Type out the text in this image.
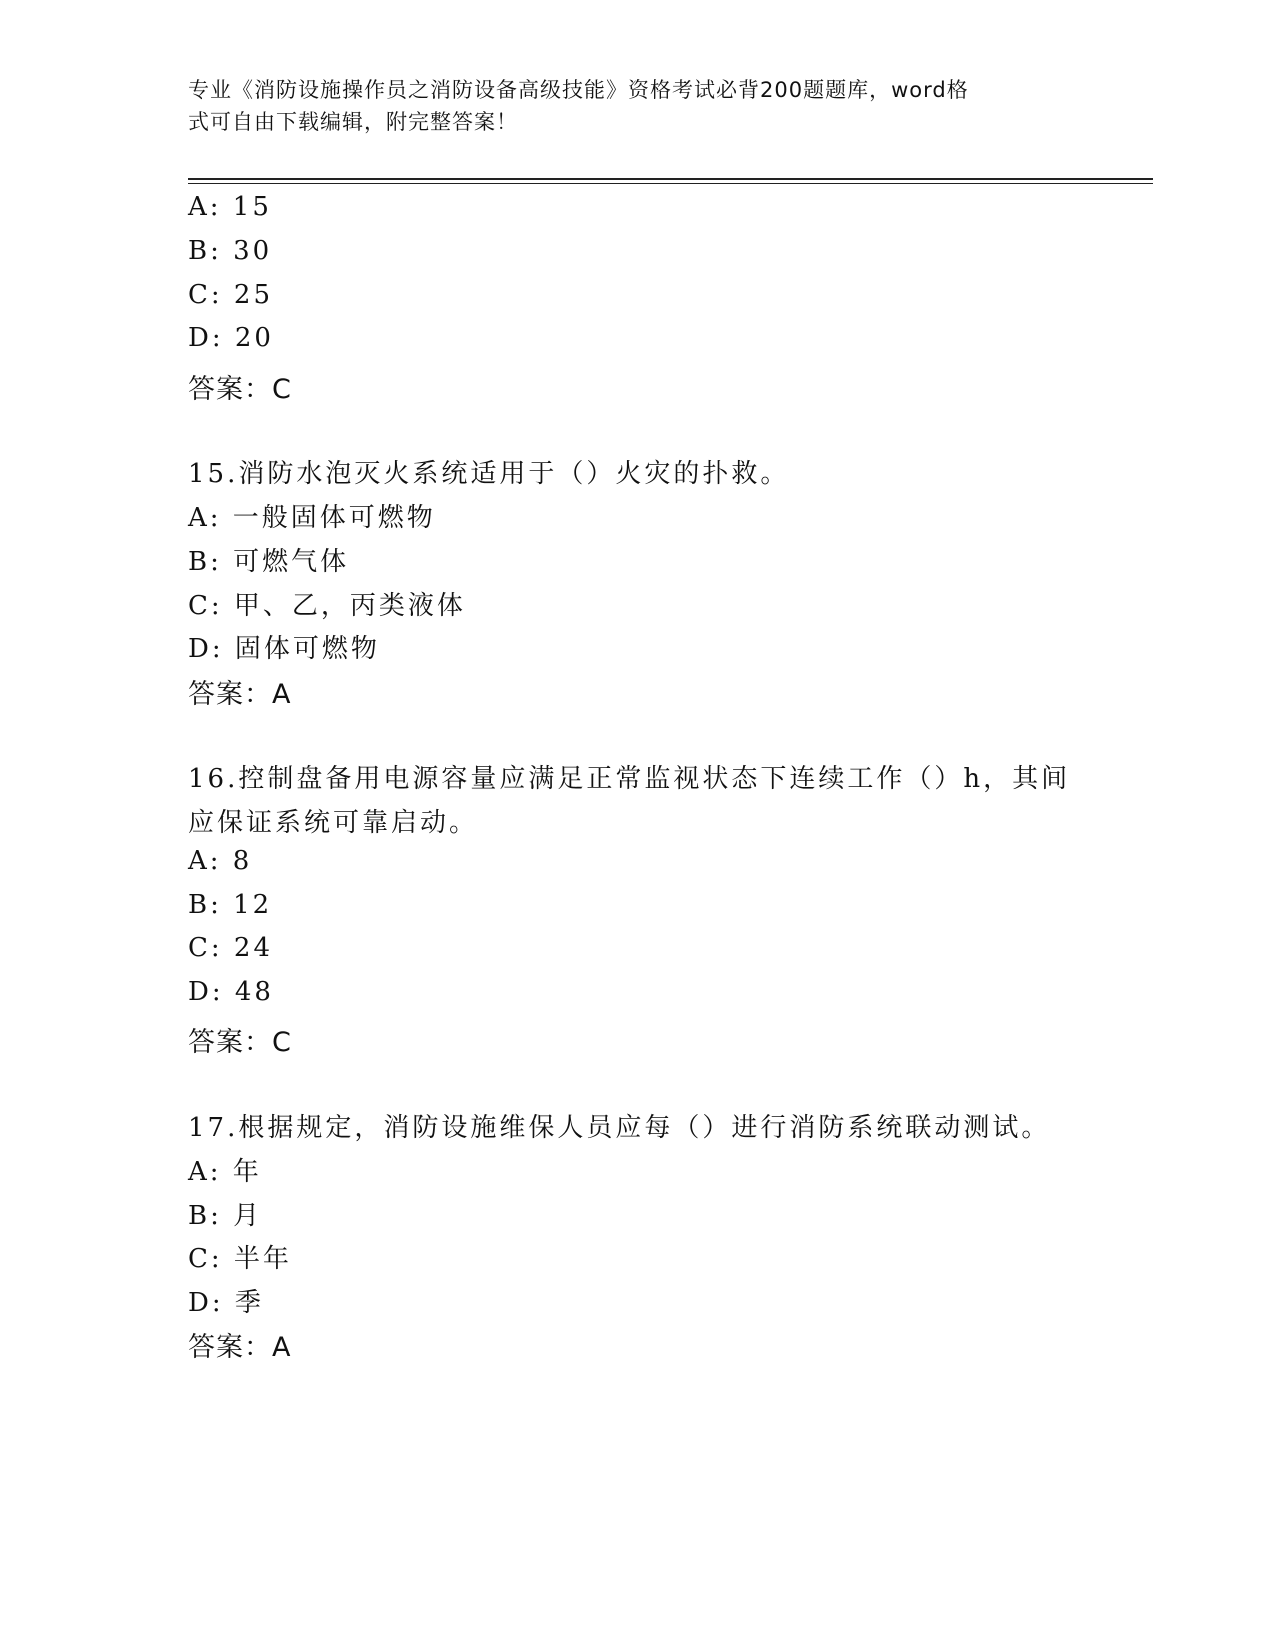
专业《消防设施操作员之消防设备高级技能》资格考试必背200题题库，word格
式可自由下载编辑，附完整答案！
A: 15
B: 30
C: 25
D: 20
答案：C
15.消防水泡灭火系统适用于（）火灾的扑救。
A: 一般固体可燃物
B: 可燃气体
C: 甲、乙，丙类液体
D: 固体可燃物
答案：A
16.控制盘备用电源容量应满足正常监视状态下连续工作（）h，其间
应保证系统可靠启动。
A: 8
B: 12
C: 24
D: 48
答案：C
17.根据规定，消防设施维保人员应每（）进行消防系统联动测试。
A: 年
B: 月
C: 半年
D: 季
答案：A
